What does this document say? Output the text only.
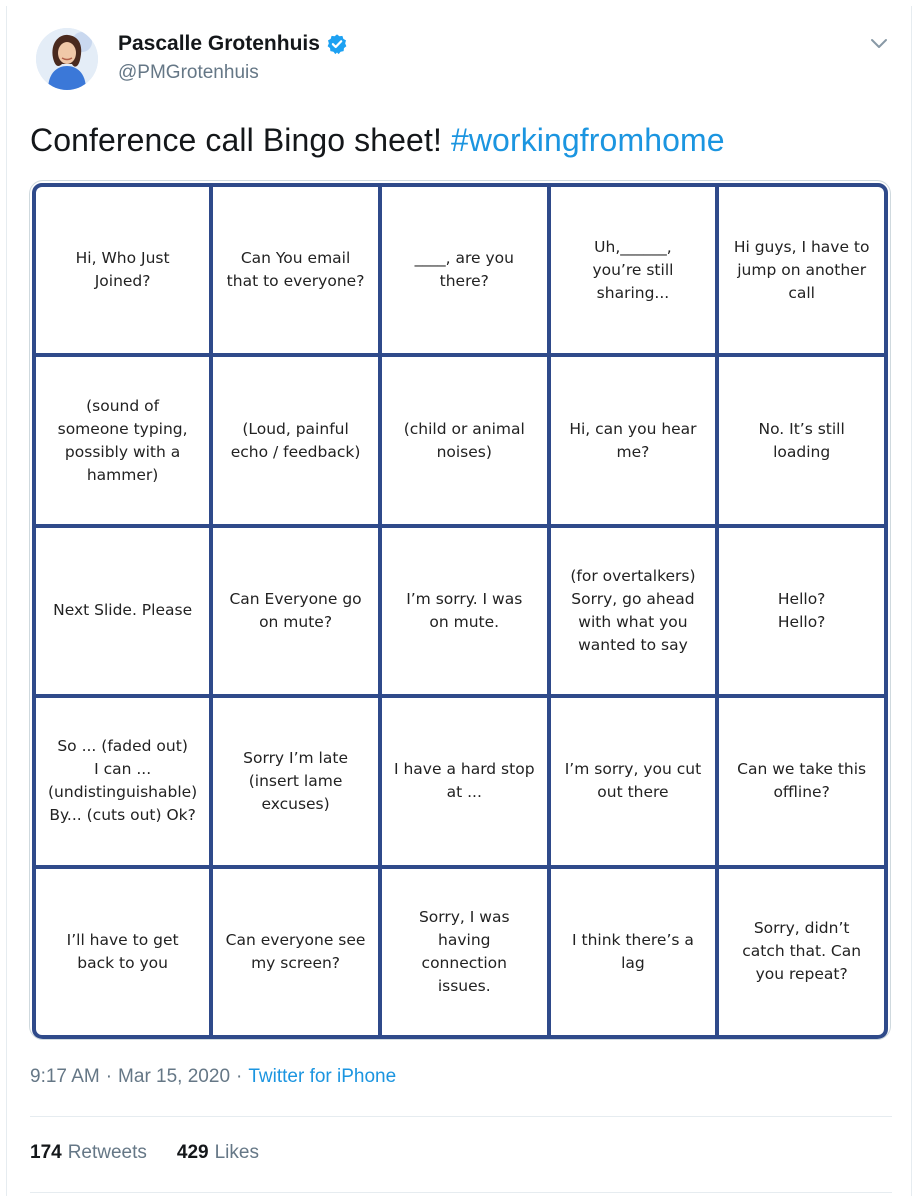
Pascalle Grotenhuis
@PMGrotenhuis
Conference call Bingo sheet! #workingfromhome
Hi, Who Just
Joined?
Can You email
that to everyone?
____, are you
there?
Uh,______,
you’re still
sharing...
Hi guys, I have to
jump on another
call
(sound of
someone typing,
possibly with a
hammer)
(Loud, painful
echo / feedback)
(child or animal
noises)
Hi, can you hear
me?
No. It’s still
loading
Next Slide. Please
Can Everyone go
on mute?
I’m sorry. I was
on mute.
(for overtalkers)
Sorry, go ahead
with what you
wanted to say
Hello?
Hello?
So ... (faded out)
I can ...
(undistinguishable)
By... (cuts out) Ok?
Sorry I’m late
(insert lame
excuses)
I have a hard stop
at ...
I’m sorry, you cut
out there
Can we take this
offline?
I’ll have to get
back to you
Can everyone see
my screen?
Sorry, I was
having
connection
issues.
I think there’s a
lag
Sorry, didn’t
catch that. Can
you repeat?
9:17 AM · Mar 15, 2020 · Twitter for iPhone
174 Retweets 429 Likes
